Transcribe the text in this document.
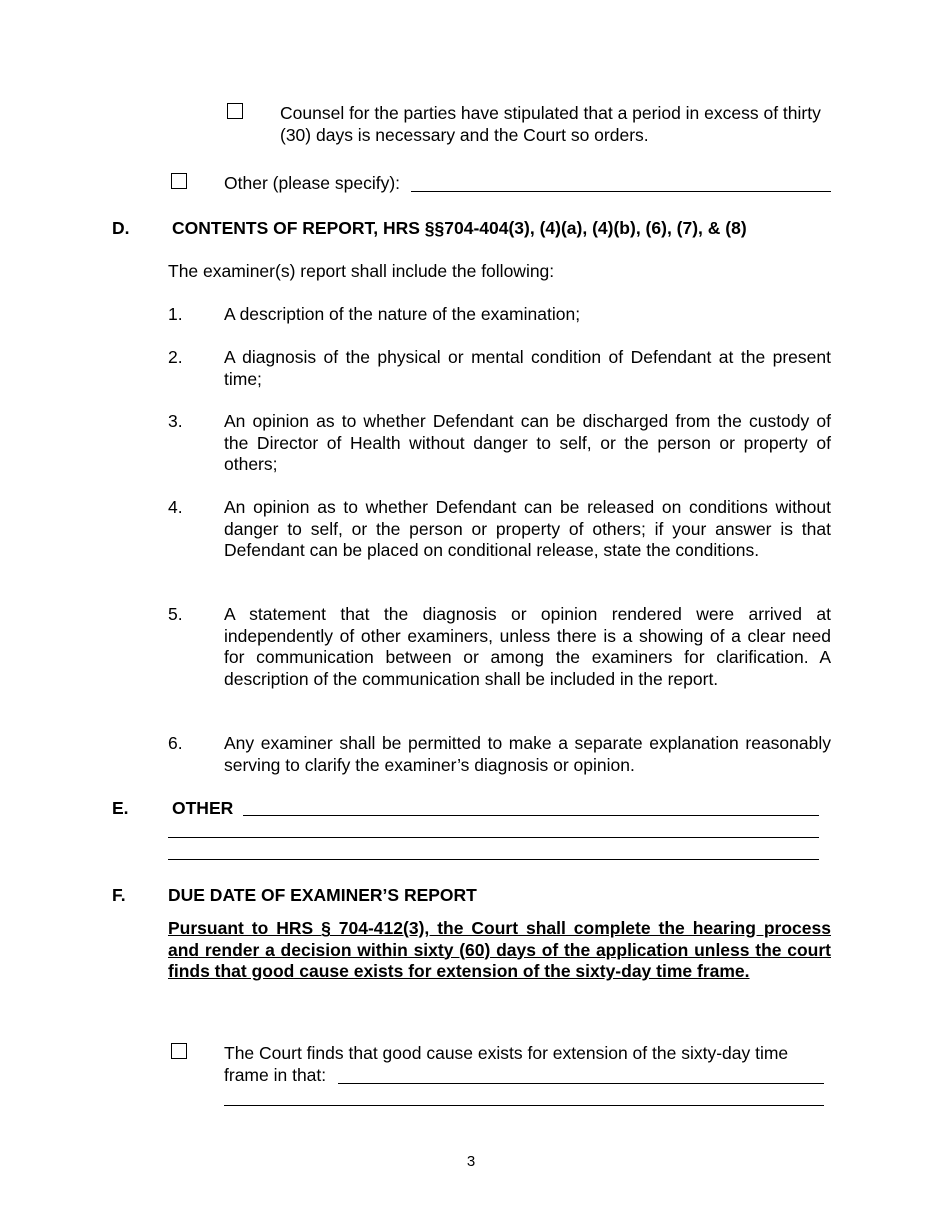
Counsel for the parties have stipulated that a period in excess of thirty (30) days is necessary and the Court so orders.
Other (please specify):
D. CONTENTS OF REPORT, HRS §§704-404(3), (4)(a), (4)(b), (6), (7), & (8)
The examiner(s) report shall include the following:
1. A description of the nature of the examination;
2. A diagnosis of the physical or mental condition of Defendant at the present time;
3. An opinion as to whether Defendant can be discharged from the custody of the Director of Health without danger to self, or the person or property of others;
4. An opinion as to whether Defendant can be released on conditions without danger to self, or the person or property of others; if your answer is that Defendant can be placed on conditional release, state the conditions.
5. A statement that the diagnosis or opinion rendered were arrived at independently of other examiners, unless there is a showing of a clear need for communication between or among the examiners for clarification. A description of the communication shall be included in the report.
6. Any examiner shall be permitted to make a separate explanation reasonably serving to clarify the examiner’s diagnosis or opinion.
E. OTHER
F. DUE DATE OF EXAMINER’S REPORT
Pursuant to HRS § 704-412(3), the Court shall complete the hearing process and render a decision within sixty (60) days of the application unless the court finds that good cause exists for extension of the sixty-day time frame.
The Court finds that good cause exists for extension of the sixty-day time frame in that:
3
